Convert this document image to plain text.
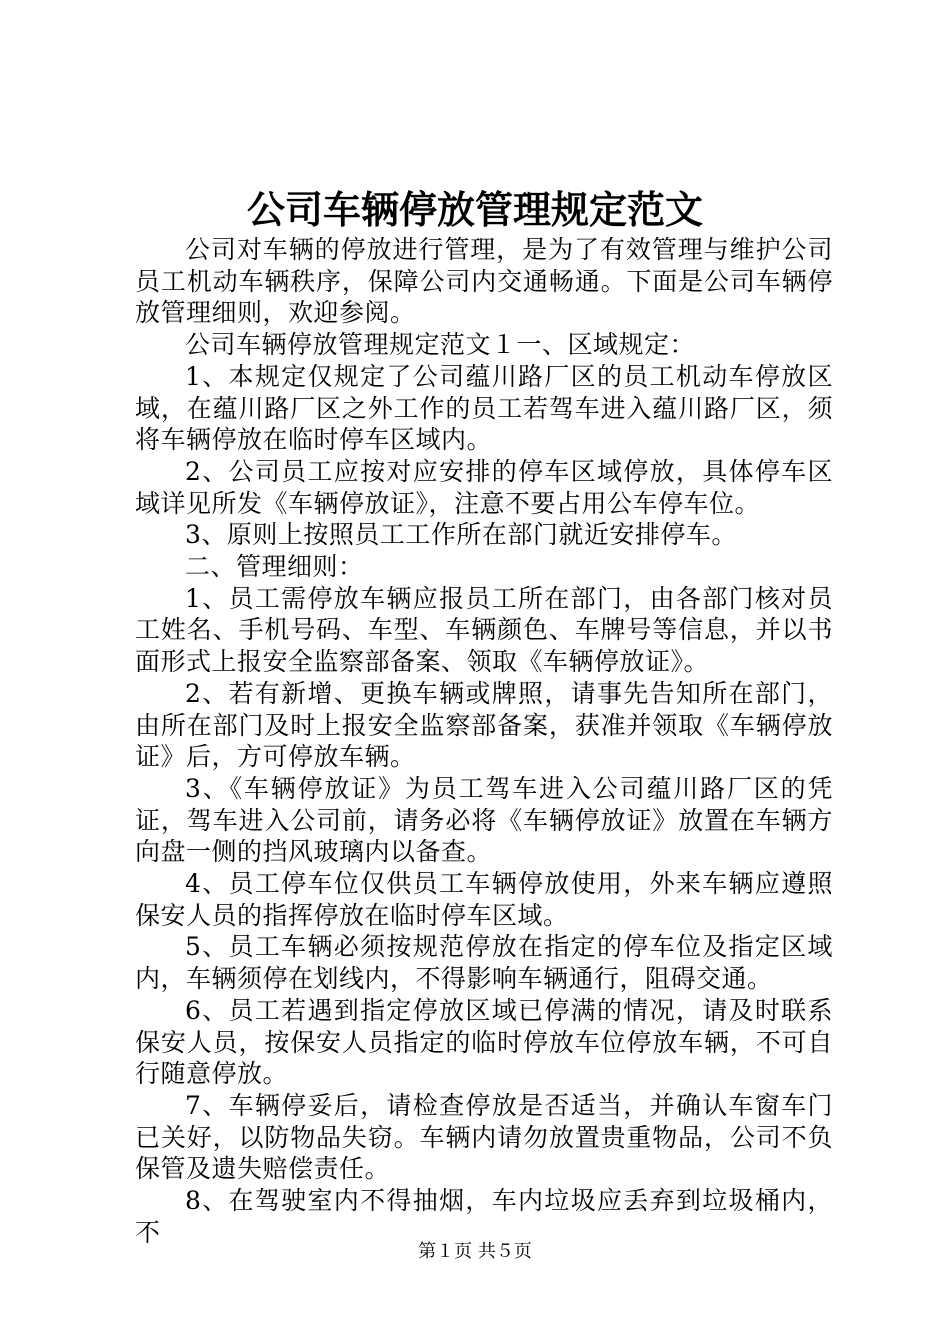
公司车辆停放管理规定范文

公司对车辆的停放进行管理，是为了有效管理与维护公司员工机动车辆秩序，保障公司内交通畅通。下面是公司车辆停放管理细则，欢迎参阅。

公司车辆停放管理规定范文１一、区域规定：

1、本规定仅规定了公司蕴川路厂区的员工机动车停放区域，在蕴川路厂区之外工作的员工若驾车进入蕴川路厂区，须将车辆停放在临时停车区域内。

2、公司员工应按对应安排的停车区域停放，具体停车区域详见所发《车辆停放证》，注意不要占用公车停车位。

3、原则上按照员工工作所在部门就近安排停车。

二、管理细则：

1、员工需停放车辆应报员工所在部门，由各部门核对员工姓名、手机号码、车型、车辆颜色、车牌号等信息，并以书面形式上报安全监察部备案、领取《车辆停放证》。

2、若有新增、更换车辆或牌照，请事先告知所在部门，由所在部门及时上报安全监察部备案，获准并领取《车辆停放证》后，方可停放车辆。

3、《车辆停放证》为员工驾车进入公司蕴川路厂区的凭证，驾车进入公司前，请务必将《车辆停放证》放置在车辆方向盘一侧的挡风玻璃内以备查。

4、员工停车位仅供员工车辆停放使用，外来车辆应遵照保安人员的指挥停放在临时停车区域。

5、员工车辆必须按规范停放在指定的停车位及指定区域内，车辆须停在划线内，不得影响车辆通行，阻碍交通。

6、员工若遇到指定停放区域已停满的情况，请及时联系保安人员，按保安人员指定的临时停放车位停放车辆，不可自行随意停放。

7、车辆停妥后，请检查停放是否适当，并确认车窗车门已关好，以防物品失窃。车辆内请勿放置贵重物品，公司不负保管及遗失赔偿责任。

8、在驾驶室内不得抽烟，车内垃圾应丢弃到垃圾桶内，不

第１页 共５页
